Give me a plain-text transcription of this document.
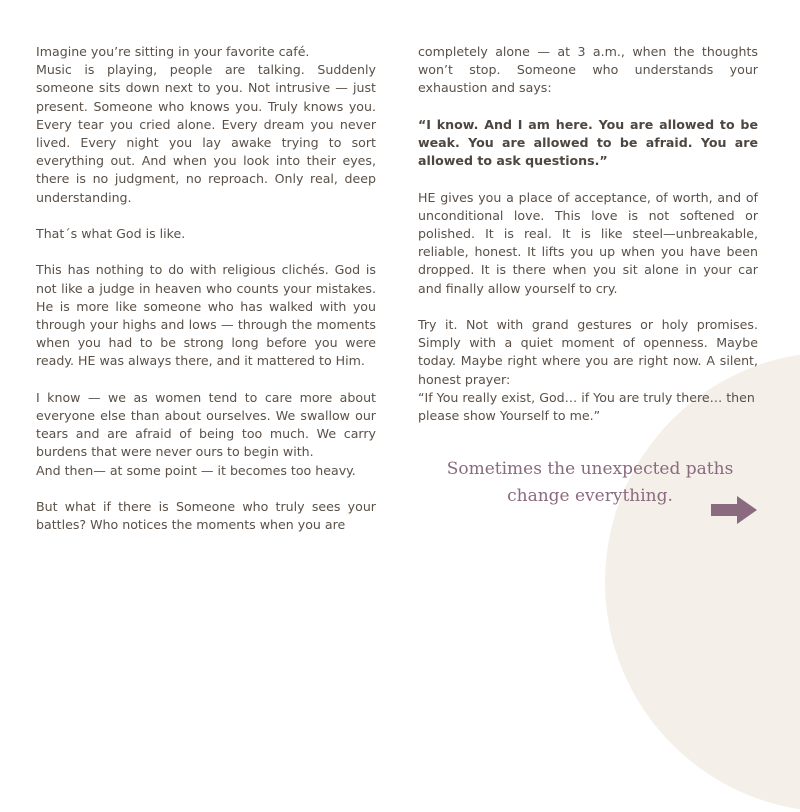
Imagine you’re sitting in your favorite café.
Music is playing, people are talking. Suddenly someone sits down next to you. Not intrusive — just present. Someone who knows you. Truly knows you. Every tear you cried alone. Every dream you never lived. Every night you lay awake trying to sort everything out. And when you look into their eyes, there is no judgment, no reproach. Only real, deep understanding.

That´s what God is like.

This has nothing to do with religious clichés. God is not like a judge in heaven who counts your mistakes. He is more like someone who has walked with you through your highs and lows — through the moments when you had to be strong long before you were ready. HE was always there, and it mattered to Him.

I know — we as women tend to care more about everyone else than about ourselves. We swallow our tears and are afraid of being too much. We carry burdens that were never ours to begin with.
And then— at some point — it becomes too heavy.

But what if there is Someone who truly sees your battles? Who notices the moments when you are

completely alone — at 3 a.m., when the thoughts won’t stop. Someone who understands your exhaustion and says:

“I know. And I am here. You are allowed to be weak. You are allowed to be afraid. You are allowed to ask questions.”

HE gives you a place of acceptance, of worth, and of unconditional love. This love is not softened or polished. It is real. It is like steel—unbreakable, reliable, honest. It lifts you up when you have been dropped. It is there when you sit alone in your car and finally allow yourself to cry.

Try it. Not with grand gestures or holy promises. Simply with a quiet moment of openness. Maybe today. Maybe right where you are right now. A silent, honest prayer:
“If You really exist, God… if You are truly there… then please show Yourself to me.”
Sometimes the unexpected paths
change everything.
